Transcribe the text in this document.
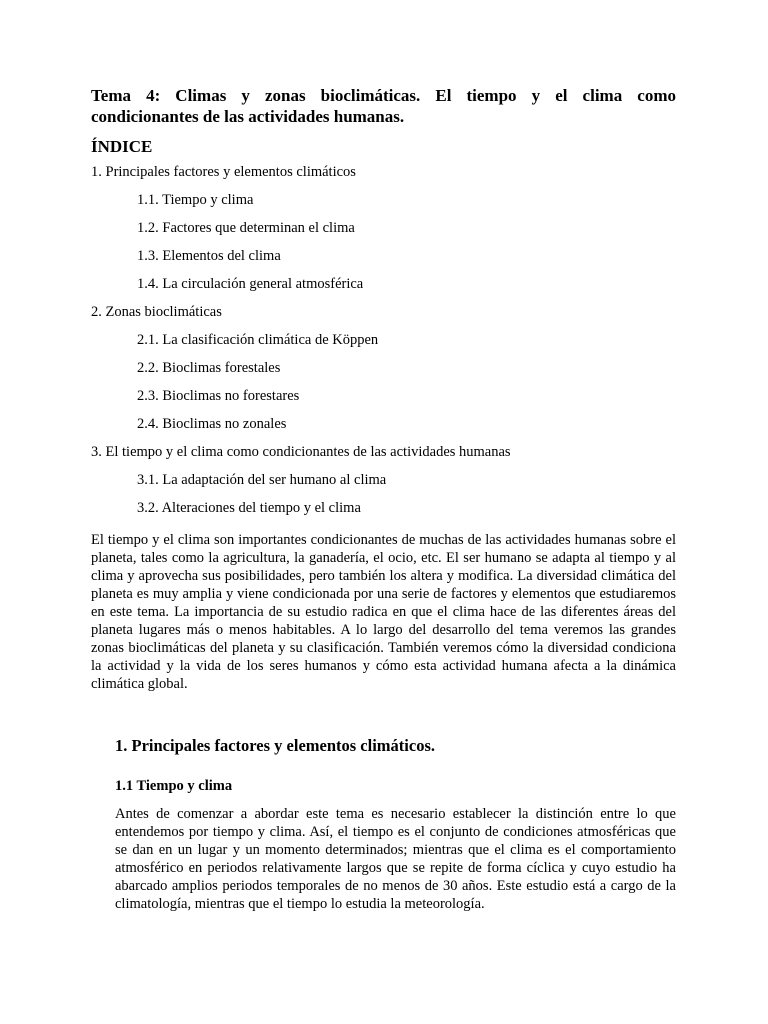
Tema 4: Climas y zonas bioclimáticas. El tiempo y el clima como
condicionantes de las actividades humanas.
ÍNDICE
1. Principales factores y elementos climáticos
1.1. Tiempo y clima
1.2. Factores que determinan el clima
1.3. Elementos del clima
1.4. La circulación general atmosférica
2. Zonas bioclimáticas
2.1. La clasificación climática de Köppen
2.2. Bioclimas forestales
2.3. Bioclimas no forestares
2.4. Bioclimas no zonales
3. El tiempo y el clima como condicionantes de las actividades humanas
3.1. La adaptación del ser humano al clima
3.2. Alteraciones del tiempo y el clima

El tiempo y el clima son importantes condicionantes de muchas de las actividades humanas sobre el planeta, tales como la agricultura, la ganadería, el ocio, etc. El ser humano se adapta al tiempo y al clima y aprovecha sus posibilidades, pero también los altera y modifica. La diversidad climática del planeta es muy amplia y viene condicionada por una serie de factores y elementos que estudiaremos en este tema. La importancia de su estudio radica en que el clima hace de las diferentes áreas del planeta lugares más o menos habitables. A lo largo del desarrollo del tema veremos las grandes zonas bioclimáticas del planeta y su clasificación. También veremos cómo la diversidad condiciona la actividad y la vida de los seres humanos y cómo esta actividad humana afecta a la dinámica climática global.

1. Principales factores y elementos climáticos.
1.1 Tiempo y clima

Antes de comenzar a abordar este tema es necesario establecer la distinción entre lo que entendemos por tiempo y clima. Así, el tiempo es el conjunto de condiciones atmosféricas que se dan en un lugar y un momento determinados; mientras que el clima es el comportamiento atmosférico en periodos relativamente largos que se repite de forma cíclica y cuyo estudio ha abarcado amplios periodos temporales de no menos de 30 años. Este estudio está a cargo de la climatología, mientras que el tiempo lo estudia la meteorología.
